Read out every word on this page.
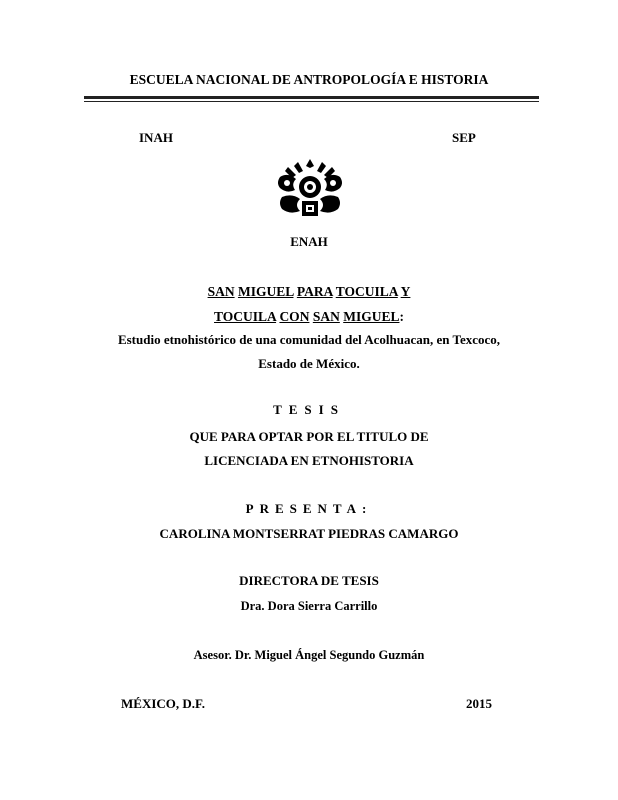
ESCUELA NACIONAL DE ANTROPOLOGÍA E HISTORIA
INAH	SEP
ENAH
SAN MIGUEL PARA TOCUILA Y
TOCUILA CON SAN MIGUEL:
Estudio etnohistórico de una comunidad del Acolhuacan, en Texcoco,
Estado de México.
TESIS
QUE PARA OPTAR POR EL TITULO DE
LICENCIADA EN ETNOHISTORIA
PRESENTA:
CAROLINA MONTSERRAT PIEDRAS CAMARGO
DIRECTORA DE TESIS
Dra. Dora Sierra Carrillo
Asesor. Dr. Miguel Ángel Segundo Guzmán
MÉXICO, D.F.	2015
